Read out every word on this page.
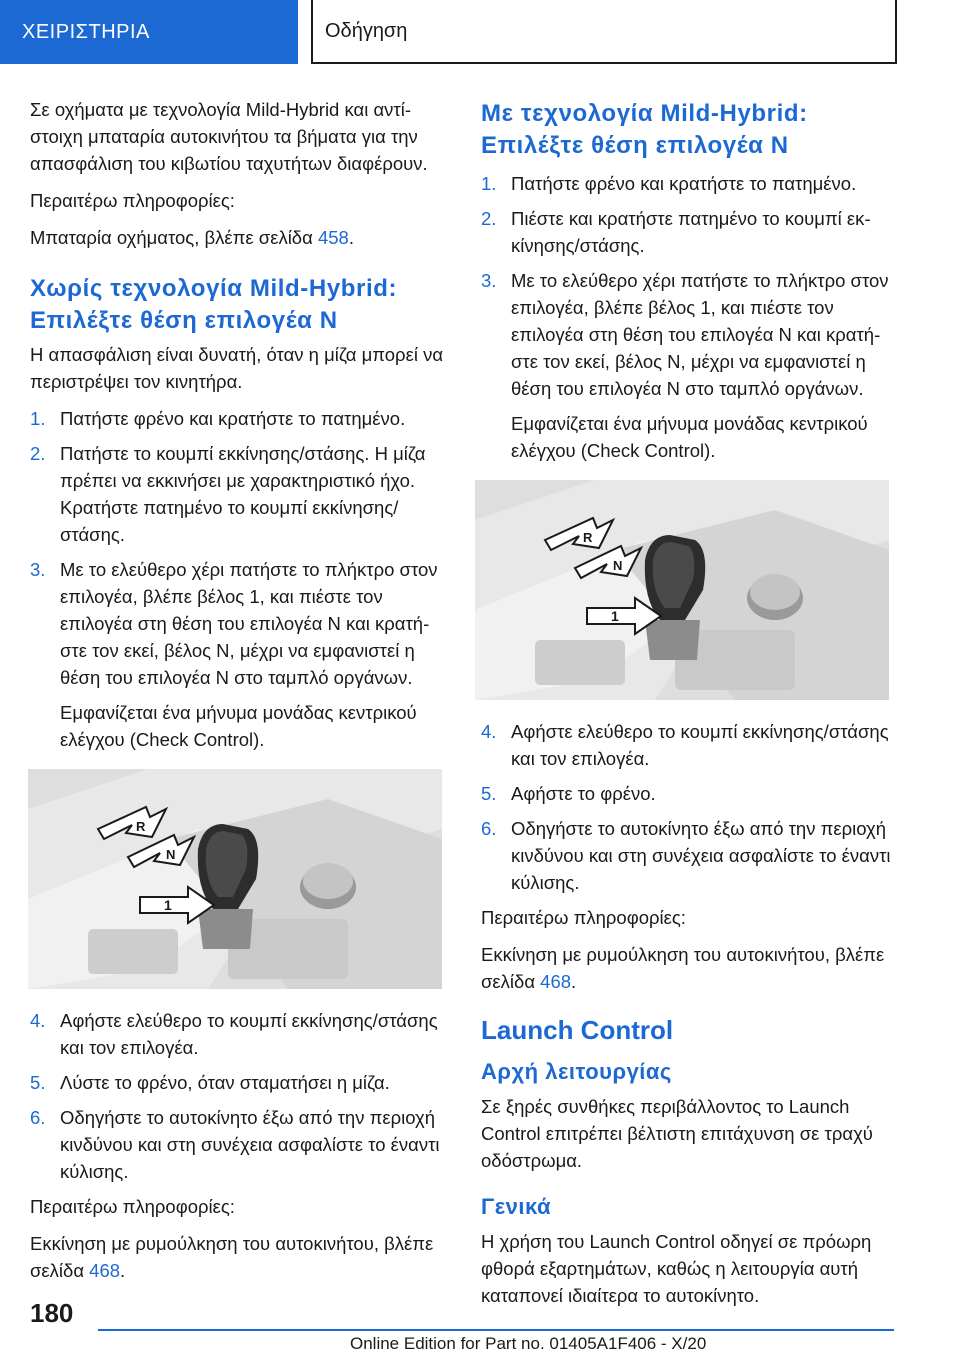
ΧΕΙΡΙΣΤΗΡΙΑ	Οδήγηση

Σε οχήματα με τεχνολογία Mild-Hybrid και αντίστοιχη μπαταρία αυτοκινήτου τα βήματα για την απασφάλιση του κιβωτίου ταχυτήτων διαφέρουν.

Περαιτέρω πληροφορίες:

Μπαταρία οχήματος, βλέπε σελίδα 458.

Χωρίς τεχνολογία Mild-Hybrid: Επιλέξτε θέση επιλογέα N

Η απασφάλιση είναι δυνατή, όταν η μίζα μπορεί να περιστρέψει τον κινητήρα.

1. Πατήστε φρένο και κρατήστε το πατημένο.
2. Πατήστε το κουμπί εκκίνησης/στάσης. Η μίζα πρέπει να εκκινήσει με χαρακτηριστικό ήχο. Κρατήστε πατημένο το κουμπί εκκίνησης/στάσης.
3. Με το ελεύθερο χέρι πατήστε το πλήκτρο στον επιλογέα, βλέπε βέλος 1, και πιέστε τον επιλογέα στη θέση του επιλογέα N και κρατήστε τον εκεί, βέλος N, μέχρι να εμφανιστεί η θέση του επιλογέα N στο ταμπλό οργάνων.

Εμφανίζεται ένα μήνυμα μονάδας κεντρικού ελέγχου (Check Control).

R
N
1
4. Αφήστε ελεύθερο το κουμπί εκκίνησης/στάσης και τον επιλογέα.
5. Λύστε το φρένο, όταν σταματήσει η μίζα.
6. Οδηγήστε το αυτοκίνητο έξω από την περιοχή κινδύνου και στη συνέχεια ασφαλίστε το έναντι κύλισης.

Περαιτέρω πληροφορίες:

Εκκίνηση με ρυμούλκηση του αυτοκινήτου, βλέπε σελίδα 468.

Με τεχνολογία Mild-Hybrid: Επιλέξτε θέση επιλογέα N
1. Πατήστε φρένο και κρατήστε το πατημένο.
2. Πιέστε και κρατήστε πατημένο το κουμπί εκκίνησης/στάσης.
3. Με το ελεύθερο χέρι πατήστε το πλήκτρο στον επιλογέα, βλέπε βέλος 1, και πιέστε τον επιλογέα στη θέση του επιλογέα N και κρατήστε τον εκεί, βέλος N, μέχρι να εμφανιστεί η θέση του επιλογέα N στο ταμπλό οργάνων.

Εμφανίζεται ένα μήνυμα μονάδας κεντρικού ελέγχου (Check Control).

R
N
1
4. Αφήστε ελεύθερο το κουμπί εκκίνησης/στάσης και τον επιλογέα.
5. Αφήστε το φρένο.
6. Οδηγήστε το αυτοκίνητο έξω από την περιοχή κινδύνου και στη συνέχεια ασφαλίστε το έναντι κύλισης.

Περαιτέρω πληροφορίες:

Εκκίνηση με ρυμούλκηση του αυτοκινήτου, βλέπε σελίδα 468.

Launch Control
Αρχή λειτουργίας

Σε ξηρές συνθήκες περιβάλλοντος το Launch Control επιτρέπει βέλτιστη επιτάχυνση σε τραχύ οδόστρωμα.

Γενικά

Η χρήση του Launch Control οδηγεί σε πρόωρη φθορά εξαρτημάτων, καθώς η λειτουργία αυτή καταπονεί ιδιαίτερα το αυτοκίνητο.

180
Online Edition for Part no. 01405A1F406 - X/20
